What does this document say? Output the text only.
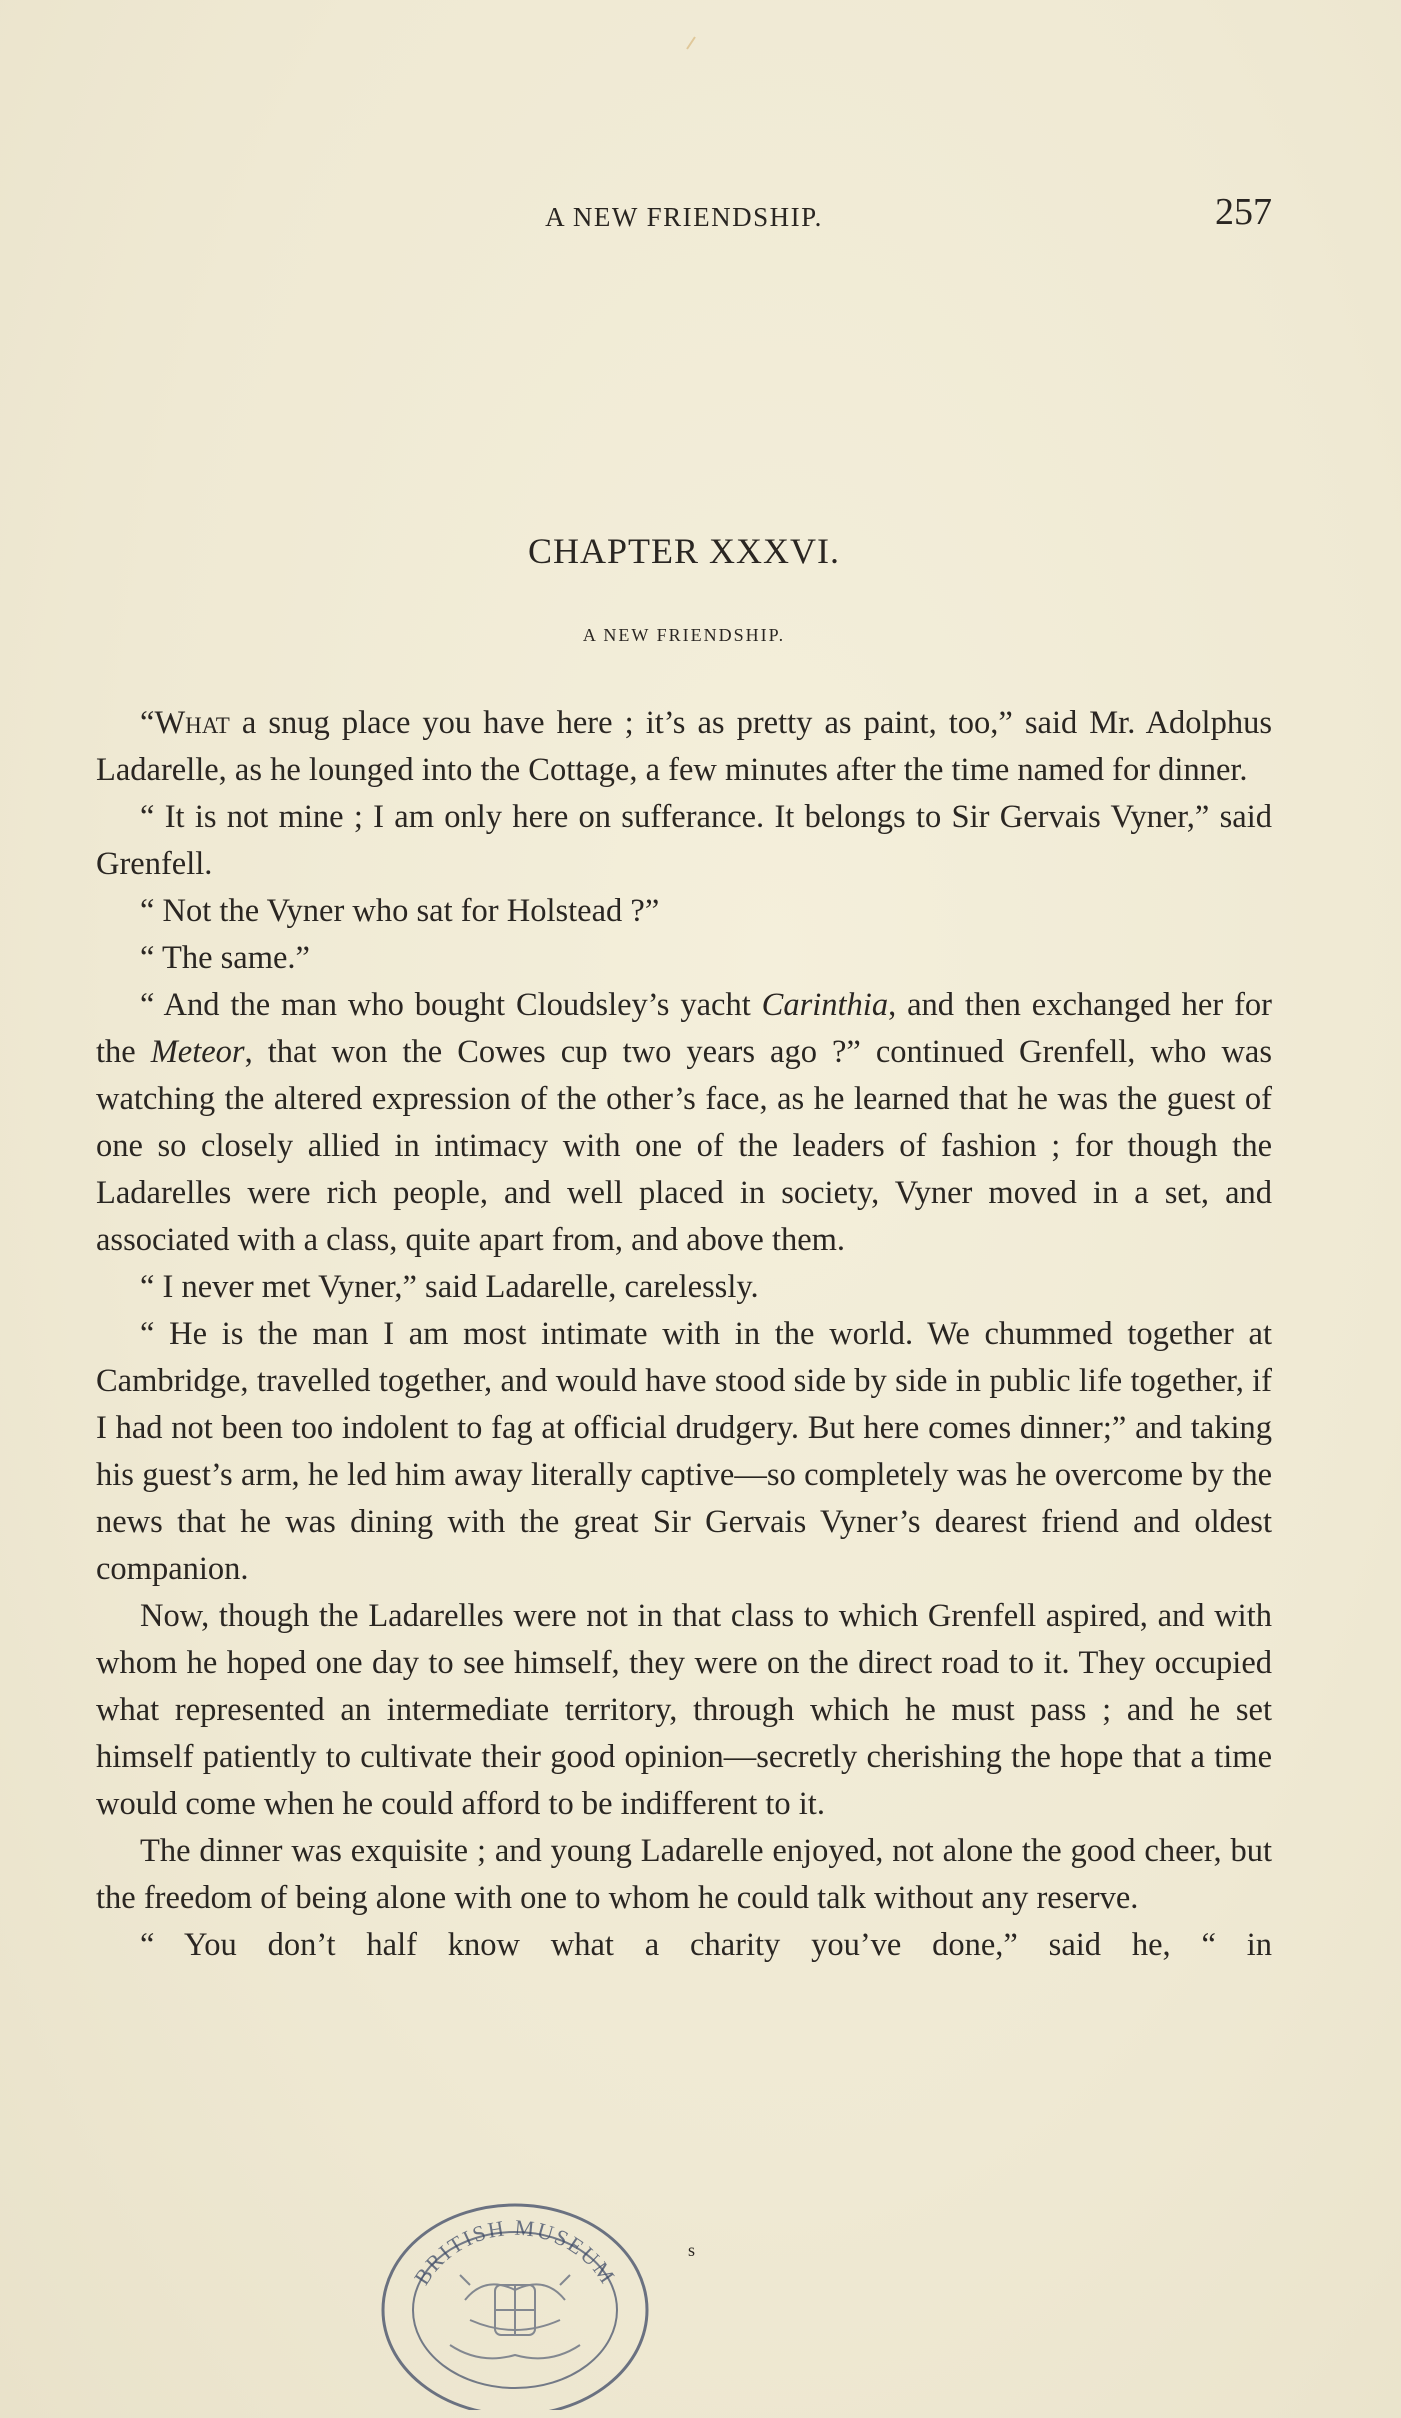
A NEW FRIENDSHIP.	257
CHAPTER XXXVI.
A NEW FRIENDSHIP.

“What a snug place you have here ; it’s as pretty as paint, too,” said Mr. Adolphus Ladarelle, as he lounged into the Cottage, a few minutes after the time named for dinner.

“ It is not mine ; I am only here on sufferance. It belongs to Sir Gervais Vyner,” said Grenfell.

“ Not the Vyner who sat for Holstead ?”

“ The same.”

“ And the man who bought Cloudsley’s yacht Carinthia, and then exchanged her for the Meteor, that won the Cowes cup two years ago ?” continued Grenfell, who was watching the altered expression of the other’s face, as he learned that he was the guest of one so closely allied in intimacy with one of the leaders of fashion ; for though the Ladarelles were rich people, and well placed in society, Vyner moved in a set, and associated with a class, quite apart from, and above them.

“ I never met Vyner,” said Ladarelle, carelessly.

“ He is the man I am most intimate with in the world. We chummed together at Cambridge, travelled together, and would have stood side by side in public life together, if I had not been too indolent to fag at official drudgery. But here comes dinner;” and taking his guest’s arm, he led him away literally captive—so completely was he overcome by the news that he was dining with the great Sir Gervais Vyner’s dearest friend and oldest companion.

Now, though the Ladarelles were not in that class to which Grenfell aspired, and with whom he hoped one day to see himself, they were on the direct road to it. They occupied what represented an intermediate territory, through which he must pass ; and he set himself patiently to cultivate their good opinion—secretly cherishing the hope that a time would come when he could afford to be indifferent to it.

The dinner was exquisite ; and young Ladarelle enjoyed, not alone the good cheer, but the freedom of being alone with one to whom he could talk without any reserve.

“ You don’t half know what a charity you’ve done,” said he, “ in

s
BRITISH MUSEUM
